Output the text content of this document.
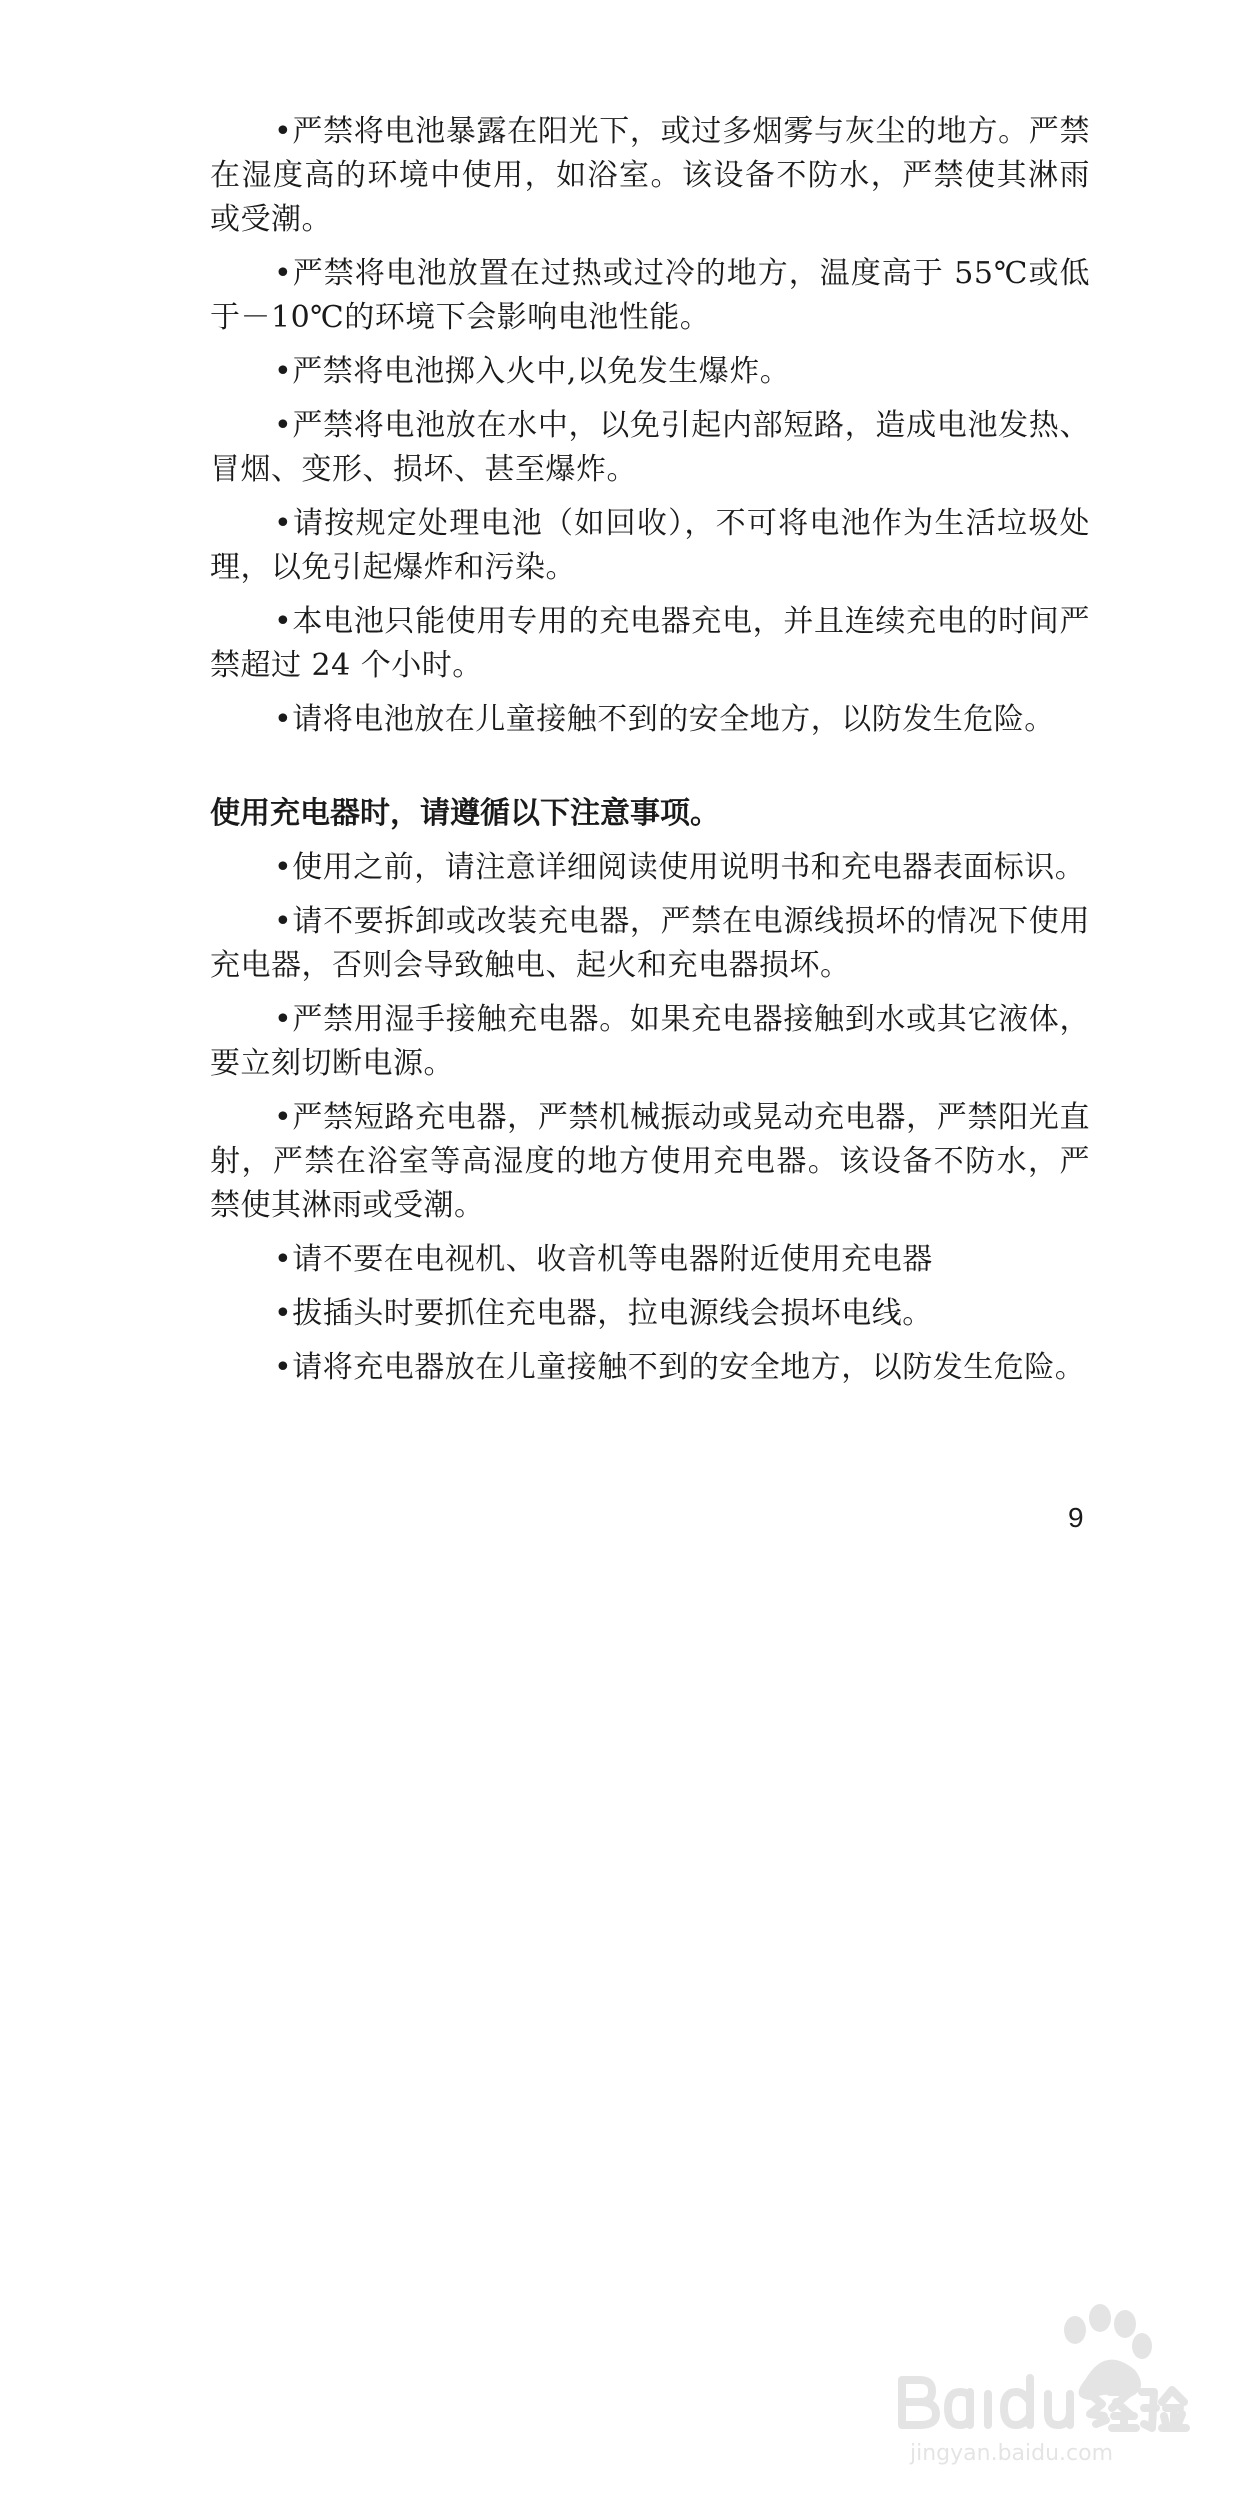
•严禁将电池暴露在阳光下，或过多烟雾与灰尘的地方。严禁在湿度高的环境中使用，如浴室。该设备不防水，严禁使其淋雨或受潮。

•严禁将电池放置在过热或过冷的地方，温度高于 55℃或低于－10℃的环境下会影响电池性能。

•严禁将电池掷入火中,以免发生爆炸。

•严禁将电池放在水中，以免引起内部短路，造成电池发热、冒烟、变形、损坏、甚至爆炸。

•请按规定处理电池（如回收），不可将电池作为生活垃圾处理，以免引起爆炸和污染。

•本电池只能使用专用的充电器充电，并且连续充电的时间严禁超过 24 个小时。

•请将电池放在儿童接触不到的安全地方，以防发生危险。

使用充电器时，请遵循以下注意事项。

•使用之前，请注意详细阅读使用说明书和充电器表面标识。

•请不要拆卸或改装充电器，严禁在电源线损坏的情况下使用充电器，否则会导致触电、起火和充电器损坏。

•严禁用湿手接触充电器。如果充电器接触到水或其它液体，要立刻切断电源。

•严禁短路充电器，严禁机械振动或晃动充电器，严禁阳光直射，严禁在浴室等高湿度的地方使用充电器。该设备不防水，严禁使其淋雨或受潮。

•请不要在电视机、收音机等电器附近使用充电器

•拔插头时要抓住充电器，拉电源线会损坏电线。

•请将充电器放在儿童接触不到的安全地方，以防发生危险。

9
jingyan.baidu.com
